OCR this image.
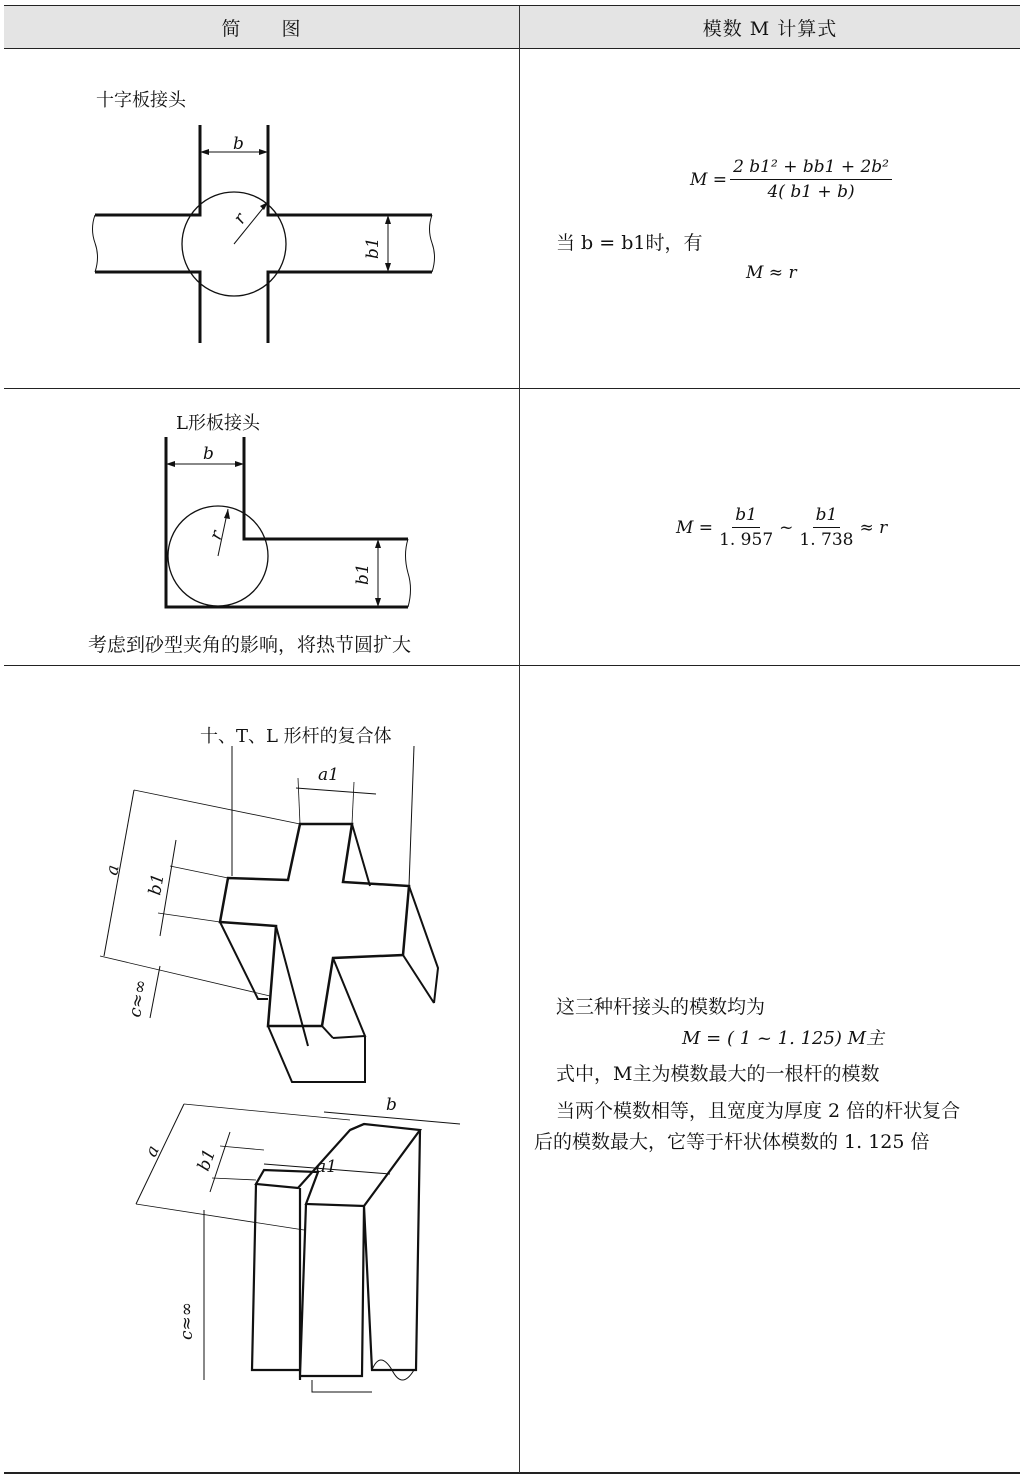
简　　图	模数 M 计算式
十字板接头
b
r
b1
$M = \frac{\text{2 b1² + bb1 + 2b²}}{4( b1 + b)}$
当 b = b1时，有
M ≈ r
L形板接头
b
r
b1
考虑到砂型夹角的影响，将热节圆扩大
$M = \frac{b1}{1. 957}$ ~ $\frac{b1}{1. 738} \approx r$
十、T、L 形杆的复合体
a1
a
b1
c≈∞
b
a1
a b1
c≈∞
这三种杆接头的模数均为
M = ( 1 ~ 1. 125) M主
式中，M主为模数最大的一根杆的模数
当两个模数相等，且宽度为厚度 2 倍的杆状复合
后的模数最大，它等于杆状体模数的 1. 125 倍
